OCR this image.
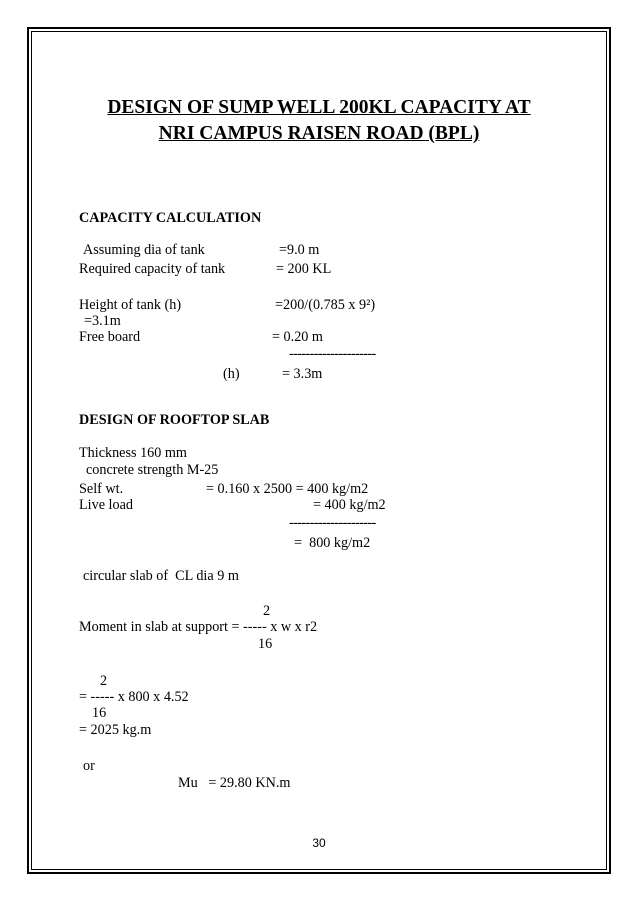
DESIGN OF SUMP WELL 200KL CAPACITY AT
NRI CAMPUS RAISEN ROAD (BPL)
CAPACITY CALCULATION
Assuming dia of tank	=9.0 m
Required capacity of tank	= 200 KL
Height of tank (h)	=200/(0.785 x 9²)
=3.1m
Free board	= 0.20 m
---------------------
(h)	= 3.3m
DESIGN OF ROOFTOP SLAB
Thickness 160 mm
concrete strength M-25
Self wt.	= 0.160 x 2500 = 400 kg/m2
Live load	= 400 kg/m2
---------------------
=  800 kg/m2
circular slab of  CL dia 9 m
2
Moment in slab at support = ----- x w x r2
16
2
= ----- x 800 x 4.52
16
= 2025 kg.m
or
Mu   = 29.80 KN.m
30
